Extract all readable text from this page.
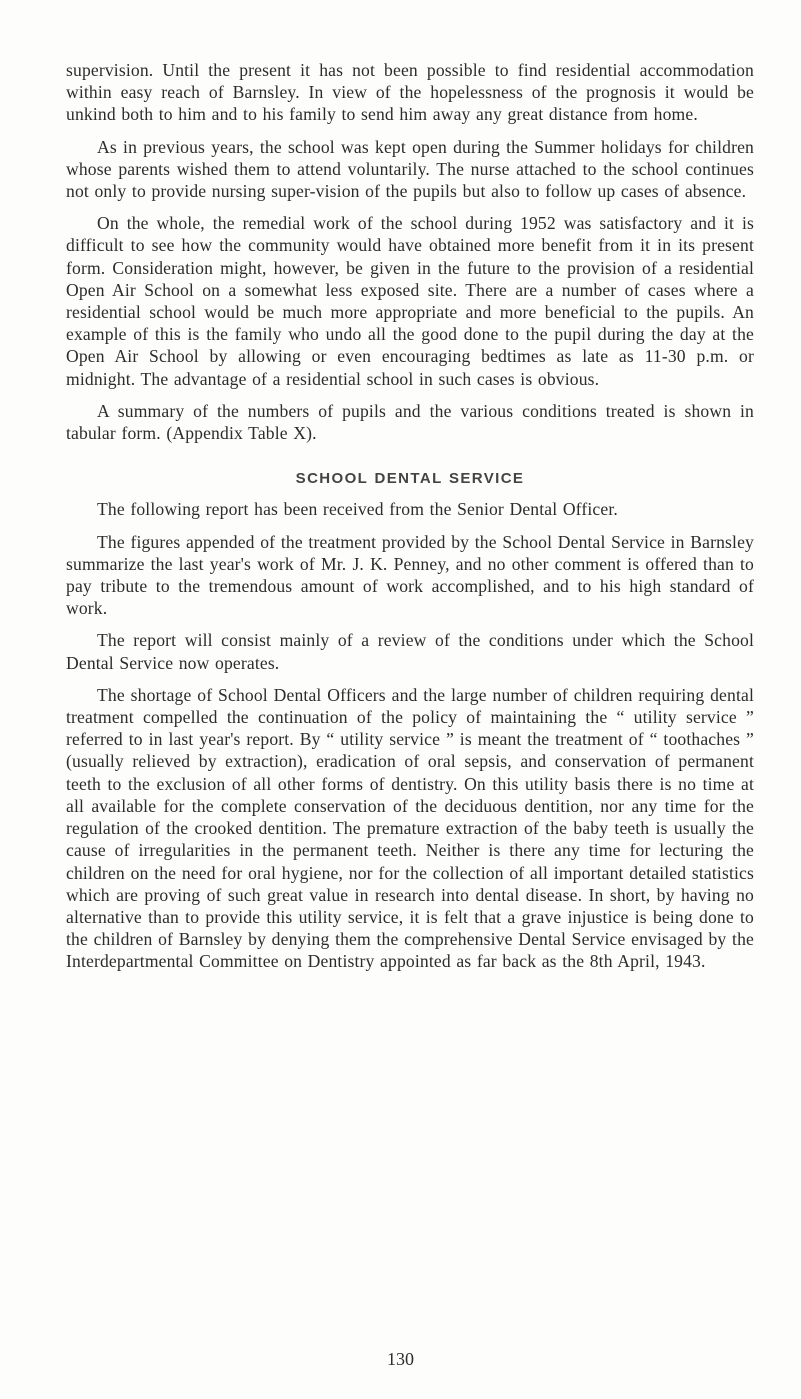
supervision. Until the present it has not been possible to find residential accommodation within easy reach of Barnsley. In view of the hopelessness of the prognosis it would be unkind both to him and to his family to send him away any great distance from home.

As in previous years, the school was kept open during the Summer holidays for children whose parents wished them to attend voluntarily. The nurse attached to the school continues not only to provide nursing super-vision of the pupils but also to follow up cases of absence.

On the whole, the remedial work of the school during 1952 was satisfactory and it is difficult to see how the community would have obtained more benefit from it in its present form. Consideration might, however, be given in the future to the provision of a residential Open Air School on a somewhat less exposed site. There are a number of cases where a residential school would be much more appropriate and more beneficial to the pupils. An example of this is the family who undo all the good done to the pupil during the day at the Open Air School by allowing or even encouraging bedtimes as late as 11-30 p.m. or midnight. The advantage of a residential school in such cases is obvious.

A summary of the numbers of pupils and the various conditions treated is shown in tabular form. (Appendix Table X).

SCHOOL DENTAL SERVICE

The following report has been received from the Senior Dental Officer.

The figures appended of the treatment provided by the School Dental Service in Barnsley summarize the last year's work of Mr. J. K. Penney, and no other comment is offered than to pay tribute to the tremendous amount of work accomplished, and to his high standard of work.

The report will consist mainly of a review of the conditions under which the School Dental Service now operates.

The shortage of School Dental Officers and the large number of children requiring dental treatment compelled the continuation of the policy of maintaining the “ utility service ” referred to in last year's report. By “ utility service ” is meant the treatment of “ toothaches ” (usually relieved by extraction), eradication of oral sepsis, and conservation of permanent teeth to the exclusion of all other forms of dentistry. On this utility basis there is no time at all available for the complete conservation of the deciduous dentition, nor any time for the regulation of the crooked dentition. The premature extraction of the baby teeth is usually the cause of irregularities in the permanent teeth. Neither is there any time for lecturing the children on the need for oral hygiene, nor for the collection of all important detailed statistics which are proving of such great value in research into dental disease. In short, by having no alternative than to provide this utility service, it is felt that a grave injustice is being done to the children of Barnsley by denying them the comprehensive Dental Service envisaged by the Interdepartmental Committee on Dentistry appointed as far back as the 8th April, 1943.

130
